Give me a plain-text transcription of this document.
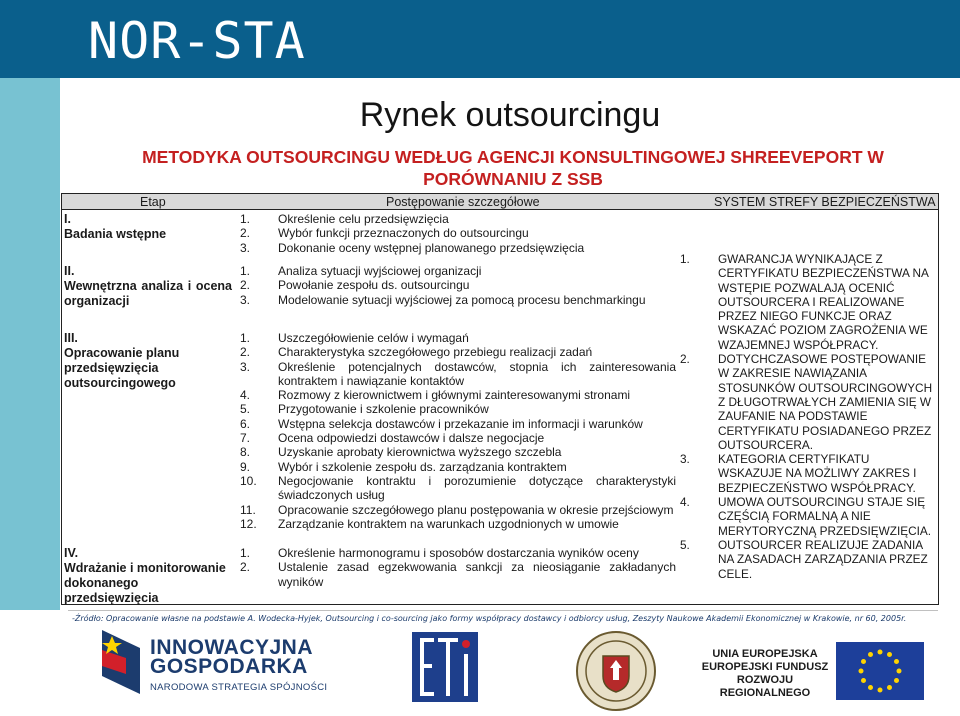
NOR-STA
Rynek outsourcingu
METODYKA OUTSOURCINGU WEDŁUG AGENCJI KONSULTINGOWEJ SHREEVEPORT W PORÓWNANIU Z SSB
Etap	Postępowanie szczegółowe	SYSTEM STREFY BEZPIECZEŃSTWA
I.
Badania wstępne
1. Określenie celu przedsięwzięcia
2. Wybór funkcji przeznaczonych do outsourcingu
3. Dokonanie oceny wstępnej planowanego przedsięwzięcia
II.
Wewnętrzna analiza i ocena organizacji
1. Analiza sytuacji wyjściowej organizacji
2. Powołanie zespołu ds. outsourcingu
3. Modelowanie sytuacji wyjściowej za pomocą procesu benchmarkingu
III.
Opracowanie planu przedsięwzięcia outsourcingowego
1. Uszczegółowienie celów i wymagań
2. Charakterystyka szczegółowego przebiegu realizacji zadań
3. Określenie potencjalnych dostawców, stopnia ich zainteresowania kontraktem i nawiązanie kontaktów
4. Rozmowy z kierownictwem i głównymi zainteresowanymi stronami
5. Przygotowanie i szkolenie pracowników
6. Wstępna selekcja dostawców i przekazanie im informacji i warunków
7. Ocena odpowiedzi dostawców i dalsze negocjacje
8. Uzyskanie aprobaty kierownictwa wyższego szczebla
9. Wybór i szkolenie zespołu ds. zarządzania kontraktem
10. Negocjowanie kontraktu i porozumienie dotyczące charakterystyki świadczonych usług
11. Opracowanie szczegółowego planu postępowania w okresie przejściowym
12. Zarządzanie kontraktem na warunkach uzgodnionych w umowie
IV.
Wdrażanie i monitorowanie dokonanego przedsięwzięcia
1. Określenie harmonogramu i sposobów dostarczania wyników oceny
2. Ustalenie zasad egzekwowania sankcji za nieosiąganie zakładanych wyników
1. GWARANCJA WYNIKAJĄCE Z CERTYFIKATU BEZPIECZEŃSTWA NA WSTĘPIE POZWALAJĄ OCENIĆ OUTSOURCERA I REALIZOWANE PRZEZ NIEGO FUNKCJE ORAZ WSKAZAĆ POZIOM ZAGROŻENIA WE WZAJEMNEJ WSPÓŁPRACY.
2. DOTYCHCZASOWE POSTĘPOWANIE W ZAKRESIE NAWIĄZANIA STOSUNKÓW OUTSOURCINGOWYCH Z DŁUGOTRWAŁYCH ZAMIENIA SIĘ W ZAUFANIE NA PODSTAWIE CERTYFIKATU POSIADANEGO PRZEZ OUTSOURCERA.
3. KATEGORIA CERTYFIKATU WSKAZUJE NA MOŻLIWY ZAKRES I BEZPIECZEŃSTWO WSPÓŁPRACY.
4. UMOWA OUTSOURCINGU STAJE SIĘ CZĘŚCIĄ FORMALNĄ A NIE MERYTORYCZNĄ PRZEDSIĘWZIĘCIA.
5. OUTSOURCER REALIZUJE ZADANIA NA ZASADACH ZARZĄDZANIA PRZEZ CELE.
-Źródło: Opracowanie własne na podstawie A. Wodecka-Hyjek, Outsourcing i co-sourcing jako formy współpracy dostawcy i odbiorcy usług, Zeszyty Naukowe Akademii Ekonomicznej w Krakowie, nr 60, 2005r.
INNOWACYJNA
GOSPODARKA
NARODOWA STRATEGIA SPÓJNOŚCI
UNIA EUROPEJSKA
EUROPEJSKI FUNDUSZ
ROZWOJU REGIONALNEGO
